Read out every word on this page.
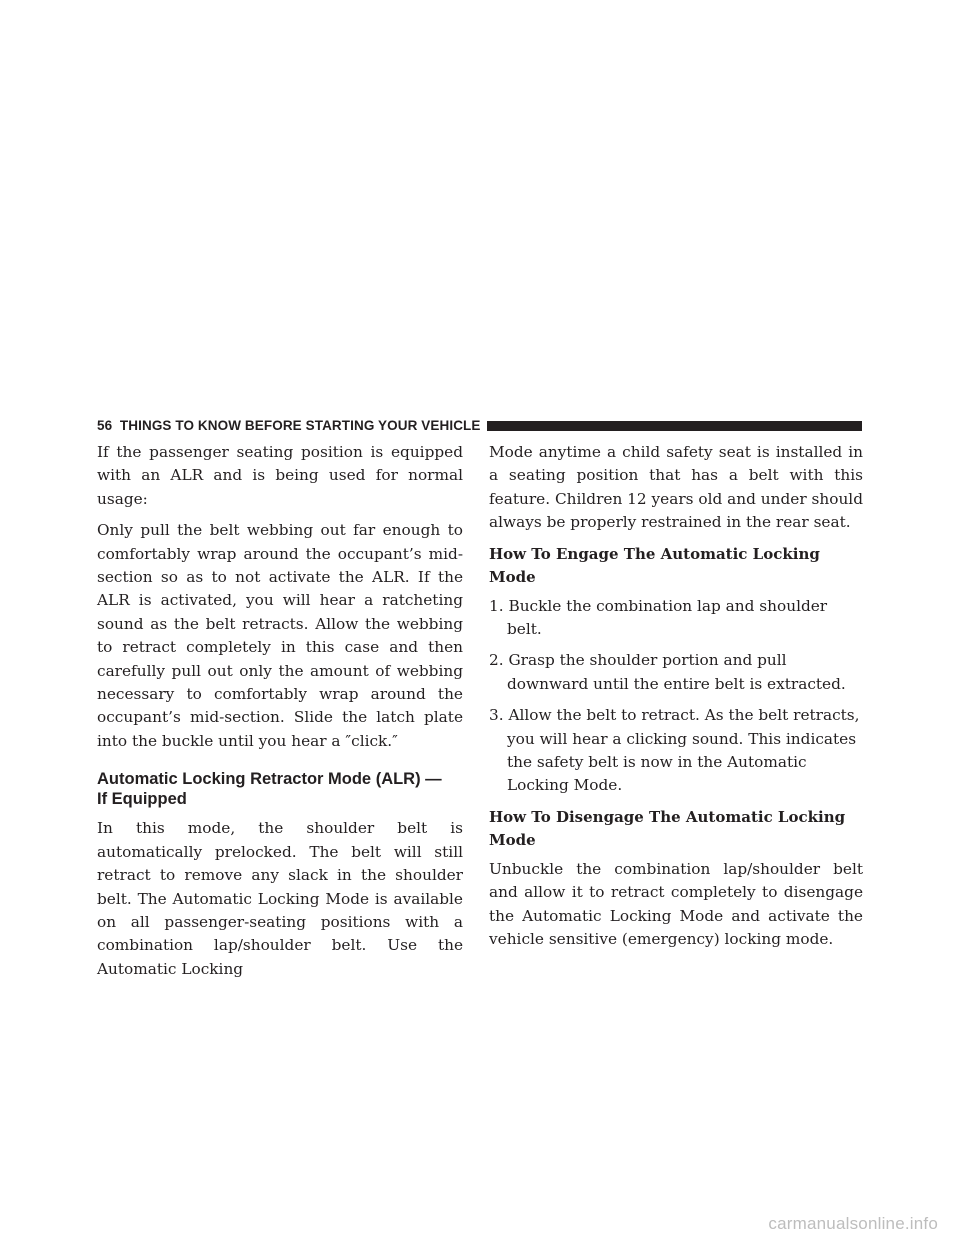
56 THINGS TO KNOW BEFORE STARTING YOUR VEHICLE

If the passenger seating position is equipped with an ALR and is being used for normal usage:

Only pull the belt webbing out far enough to comfortably wrap around the occupant’s mid-section so as to not activate the ALR. If the ALR is activated, you will hear a ratcheting sound as the belt retracts. Allow the webbing to retract completely in this case and then carefully pull out only the amount of webbing necessary to comfortably wrap around the occupant’s mid-section. Slide the latch plate into the buckle until you hear a ″click.″

Automatic Locking Retractor Mode (ALR) —
If Equipped

In this mode, the shoulder belt is automatically prelocked. The belt will still retract to remove any slack in the shoulder belt. The Automatic Locking Mode is available on all passenger-seating positions with a combination lap/shoulder belt. Use the Automatic Locking

Mode anytime a child safety seat is installed in a seating position that has a belt with this feature. Children 12 years old and under should always be properly restrained in the rear seat.

How To Engage The Automatic Locking Mode
1. Buckle the combination lap and shoulder belt.
2. Grasp the shoulder portion and pull downward until the entire belt is extracted.
3. Allow the belt to retract. As the belt retracts, you will hear a clicking sound. This indicates the safety belt is now in the Automatic Locking Mode.
How To Disengage The Automatic Locking Mode

Unbuckle the combination lap/shoulder belt and allow it to retract completely to disengage the Automatic Locking Mode and activate the vehicle sensitive (emergency) locking mode.

carmanualsonline.info
